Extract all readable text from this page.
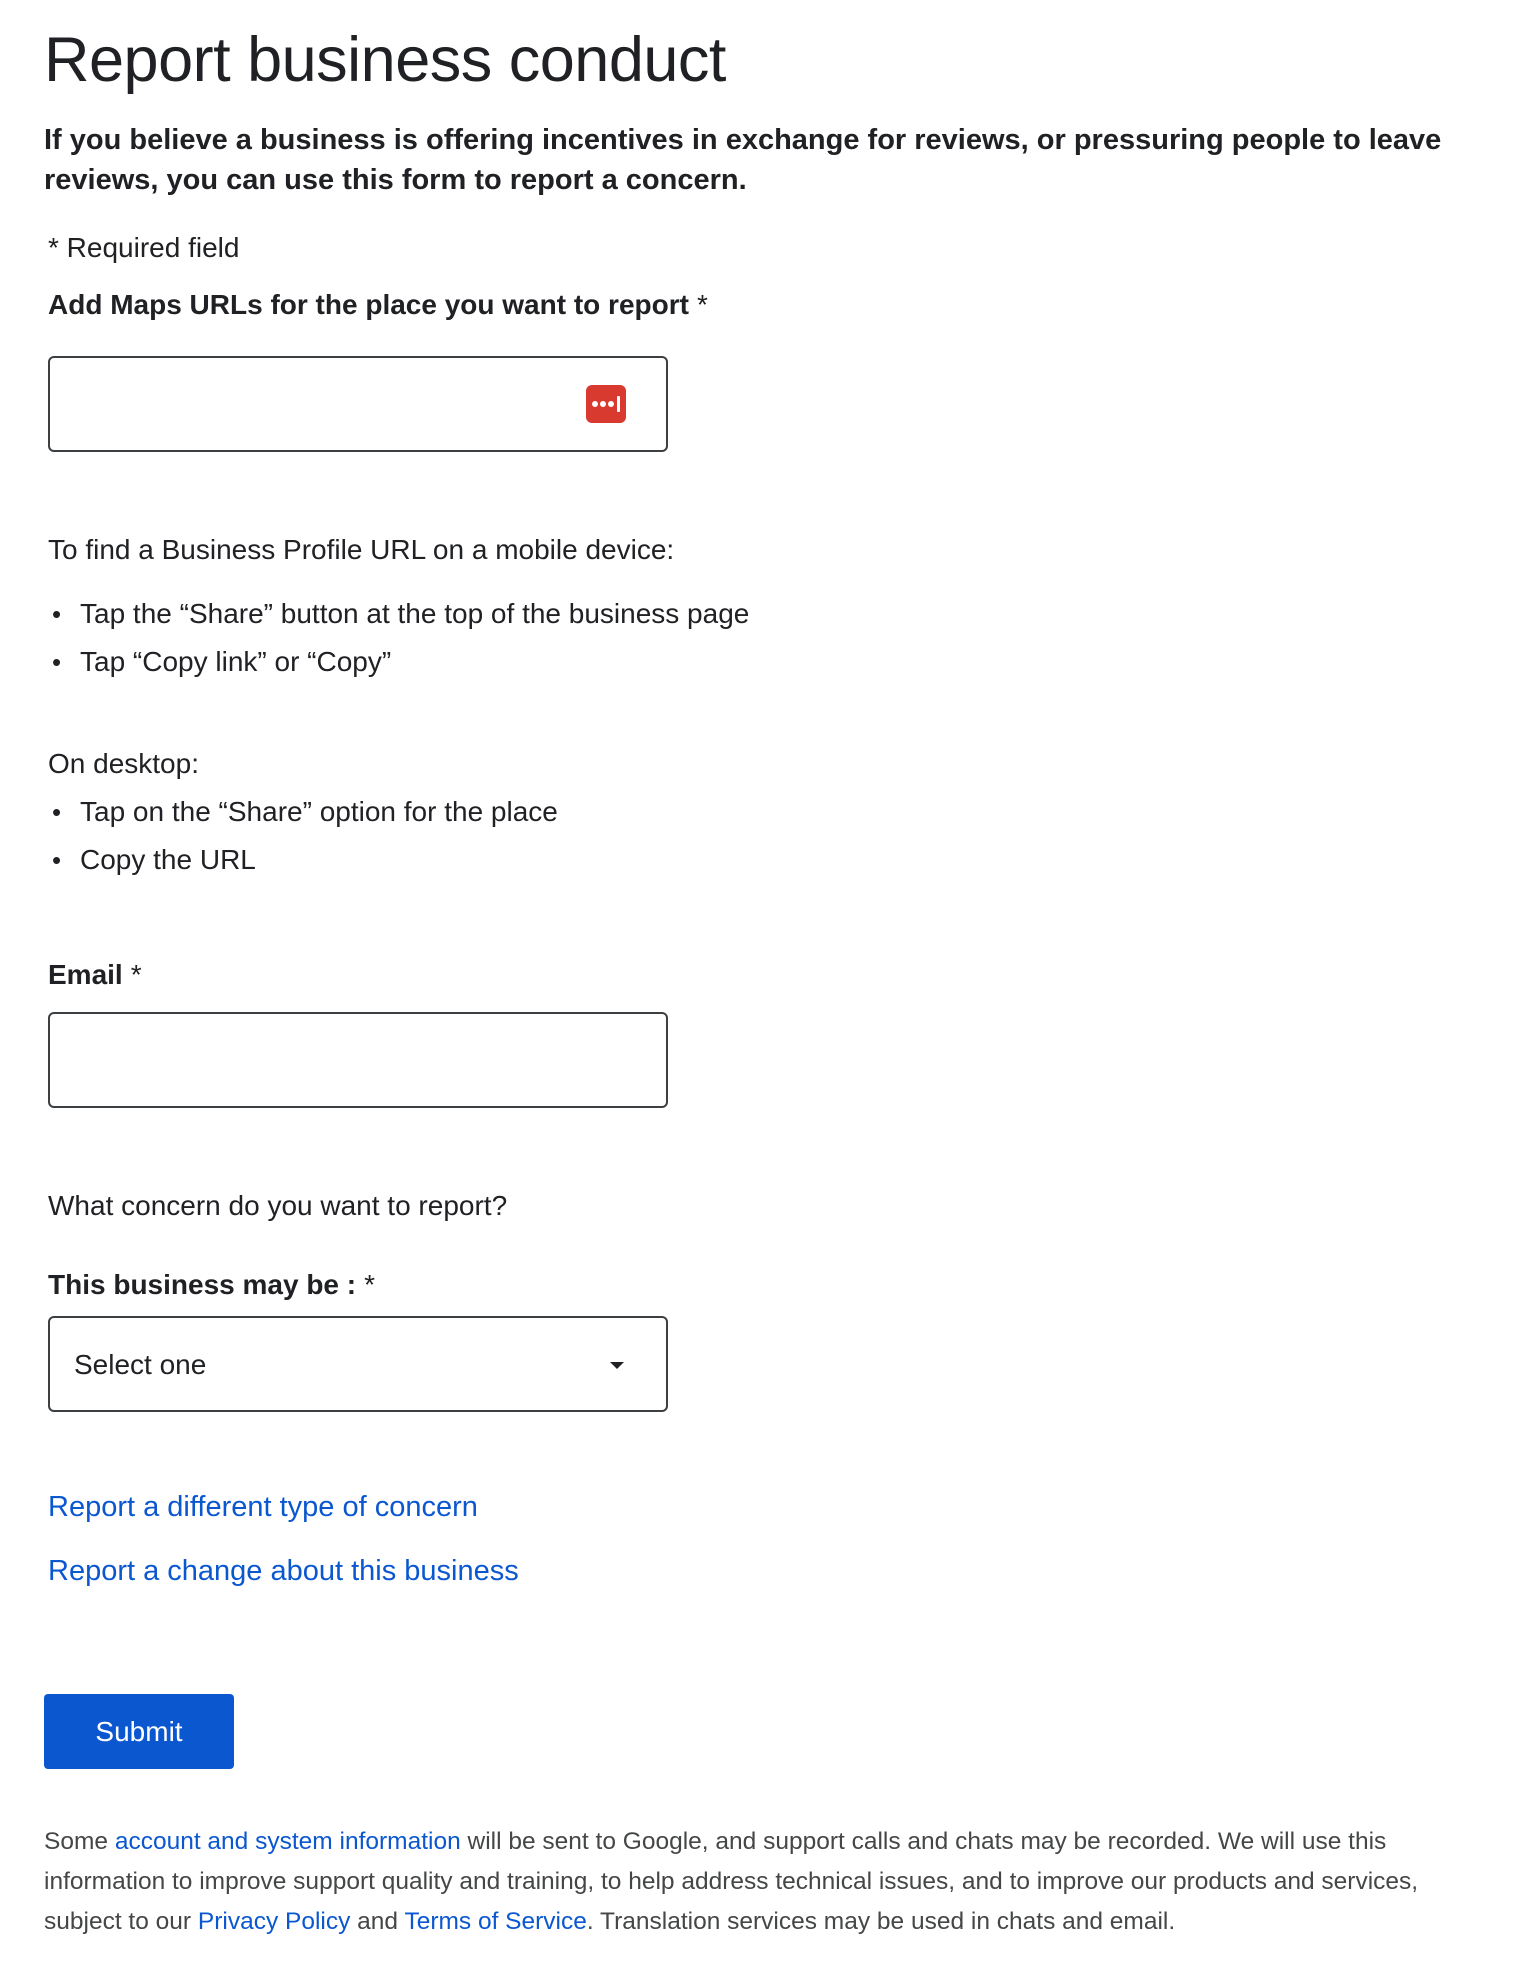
Report business conduct

If you believe a business is offering incentives in exchange for reviews, or pressuring people to leave reviews, you can use this form to report a concern.

* Required field
Add Maps URLs for the place you want to report *
To find a Business Profile URL on a mobile device:
• Tap the “Share” button at the top of the business page
• Tap “Copy link” or “Copy”
On desktop:
• Tap on the “Share” option for the place
• Copy the URL
Email *
What concern do you want to report?
This business may be : *
Select one
Report a different type of concern
Report a change about this business
Submit

Some account and system information will be sent to Google, and support calls and chats may be recorded. We will use this information to improve support quality and training, to help address technical issues, and to improve our products and services, subject to our Privacy Policy and Terms of Service. Translation services may be used in chats and email.
